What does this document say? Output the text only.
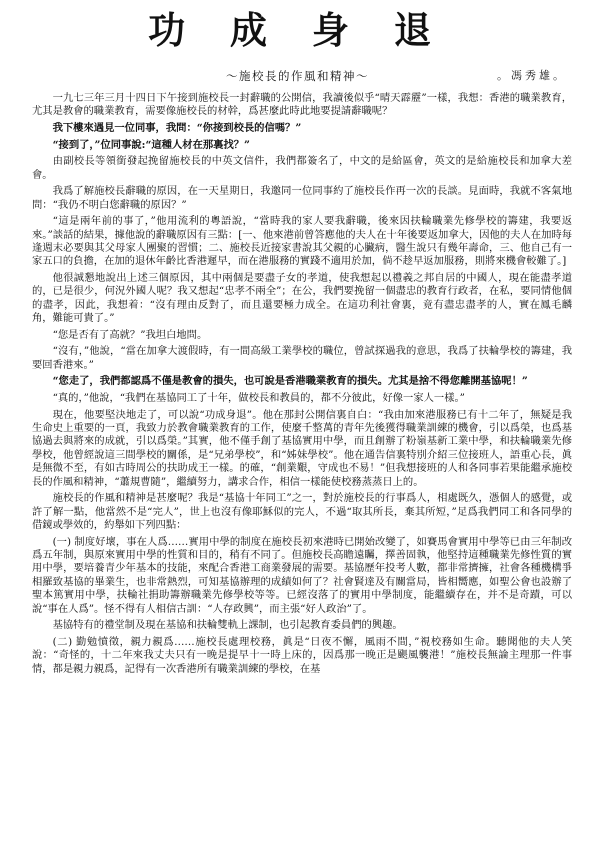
功 成 身 退
～施校長的作風和精神～	。馮秀雄。

一九七三年三月十四日下午接到施校長一封辭職的公開信，我讀後似乎“晴天霹靂”一樣，我想：香港的職業教育，尤其是教會的職業教育，需要像施校長的材幹，爲甚麼此時此地要提請辭職呢？

我下樓來遇見一位同事，我問：“你接到校長的信嗎？”

“接到了，”位同事說:“這種人材在那裏找？”

由副校長等領銜發起挽留施校長的中英文信件，我們都簽名了，中文的是給區會，英文的是給施校長和加拿大差會。

我爲了解施校長辭職的原因，在一天星期日，我邀同一位同事約了施校長作再一次的長談。見面時，我就不客氣地問：“我仍不明白您辭職的原因？”

“這是兩年前的事了，”他用流利的粵語說，“當時我的家人要我辭職，後來因扶輪職業先修學校的籌建，我要返來。”談話的結果，據他說的辭職原因有三點：[一、他來港前曾答應他的夫人在十年後要返加拿大，因他的夫人在加時每逢週末必要與其父母家人團聚的習慣；二、施校長近接家書說其父親的心臟病，醫生說只有幾年壽命，三、他自己有一家五口的負擔，在加的退休年齡比香港遲早，而在港服務的實踐不適用於加，倘不趁早返加服務，則將來機會較難了。]

他很誠懇地說出上述三個原因，其中兩個是要盡子女的孝道，使我想起以禮義之邦自居的中國人，現在能盡孝道的，已是很少，何況外國人呢？我又想起“忠孝不兩全”；在公，我們要挽留一個盡忠的教育行政者，在私，要同情他個的盡孝，因此，我想着：“沒有理由反對了，而且還要極力成全。在這功利社會裏，竟有盡忠盡孝的人，實在鳳毛麟角，難能可貴了。”

“您是否有了高就？”我坦白地問。

“沒有，”他說，“當在加拿大渡假時，有一間高級工業學校的職位，曾試探過我的意思，我爲了扶輪學校的籌建，我要回香港來。”

“您走了，我們都認爲不僅是教會的損失，也可說是香港職業教育的損失。尤其是捨不得您離開基協呢！”

“真的，”他說，“我們在基協同工了十年，做校長和教員的，都不分彼此，好像一家人一樣。”

現在，他要堅決地走了，可以說“功成身退”。他在那封公開信裏自白：“我由加來港服務已有十二年了，無疑是我生命史上重要的一頁，我致力於教會職業教育的工作，使麼千整萬的青年先後獲得職業訓練的機會，引以爲榮，也爲基協過去與將來的成就，引以爲榮。”其實，他不僅手創了基協實用中學，而且創辦了粉嶺基新工業中學，和扶輪職業先修學校，他曾經說這三間學校的關係，是“兄弟學校”，和“姊妹學校”。他在通告信裏特別介紹三位接班人，語重心長，眞是無微不至，有如古時周公的扶助成王一樣。的確，“創業艱，守成也不易！”但我想接班的人和各同事若果能繼承施校長的作風和精神，“蕭規曹隨”，繼續努力，講求合作，相信一樣能使校務蒸蒸日上的。

施校長的作風和精神是甚麼呢？我是“基協十年同工”之一，對於施校長的行事爲人，相處既久，憑個人的感覺，或許了解一點，他當然不是“完人”，世上也沒有像耶穌似的完人，不過“取其所長，棄其所短，”足爲我們同工和各同學的借鏡或學效的，約舉如下列四點：

(一) 制度好壞，事在人爲……實用中學的制度在施校長初來港時已開始改變了，如賽馬會實用中學等已由三年制改爲五年制，與原來實用中學的性質和目的，稍有不同了。但施校長高瞻遠矚，擇善固執，他堅持這種職業先修性質的實用中學，要培養青少年基本的技能，來配合香港工商業發展的需要。基協歷年投考人數，都非常擠擁，社會各種機構爭相羅致基協的畢業生，也非常熱烈，可知基協辦理的成績如何了？社會賢達及有關當局，皆相嚮應，如聖公會也設辦了聖本篤實用中學，扶輪社捐助籌辦職業先修學校等等。已經沒落了的實用中學制度，能繼續存在，并不是奇蹟，可以說“事在人爲”。怪不得有人相信古訓：“人存政興”，而主張“好人政治”了。

基協特有的禮堂制及現在基協和扶輪雙軌上課制，也引起教育委員們的興趣。

(二) 勤勉憤徵，親力親爲……施校長處理校務，眞是“日夜不懈，風雨不間，”視校務如生命。聽聞他的夫人笑說：“奇怪的，十二年來我丈夫只有一晚是提早十一時上床的，因爲那一晚正是颶風襲港！”施校長無論主理那一件事情，都是親力親爲，記得有一次香港所有職業訓練的學校，在基
